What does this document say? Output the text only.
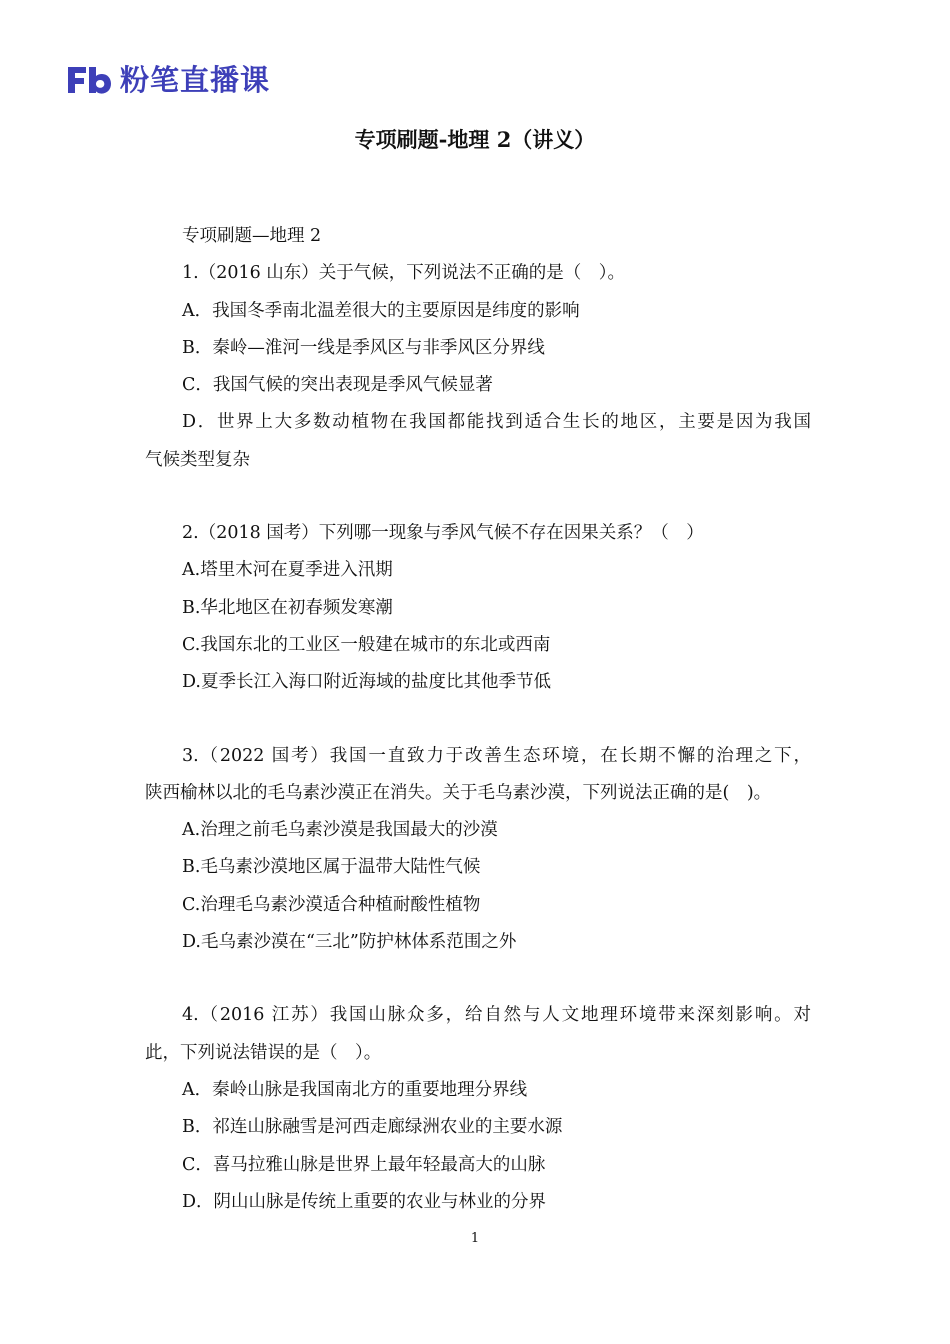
粉笔直播课
专项刷题-地理 2（讲义）
专项刷题—地理 2
1.（2016 山东）关于气候，下列说法不正确的是（　）。
A．我国冬季南北温差很大的主要原因是纬度的影响
B．秦岭—淮河一线是季风区与非季风区分界线
C．我国气候的突出表现是季风气候显著
D．世界上大多数动植物在我国都能找到适合生长的地区，主要是因为我国
气候类型复杂
2.（2018 国考）下列哪一现象与季风气候不存在因果关系？（　）
A.塔里木河在夏季进入汛期
B.华北地区在初春频发寒潮
C.我国东北的工业区一般建在城市的东北或西南
D.夏季长江入海口附近海域的盐度比其他季节低
3.（2022 国考）我国一直致力于改善生态环境，在长期不懈的治理之下，
陕西榆林以北的毛乌素沙漠正在消失。关于毛乌素沙漠，下列说法正确的是(　)。
A.治理之前毛乌素沙漠是我国最大的沙漠
B.毛乌素沙漠地区属于温带大陆性气候
C.治理毛乌素沙漠适合种植耐酸性植物
D.毛乌素沙漠在“三北”防护林体系范围之外
4.（2016 江苏）我国山脉众多，给自然与人文地理环境带来深刻影响。对
此，下列说法错误的是（　）。
A．秦岭山脉是我国南北方的重要地理分界线
B．祁连山脉融雪是河西走廊绿洲农业的主要水源
C．喜马拉雅山脉是世界上最年轻最高大的山脉
D．阴山山脉是传统上重要的农业与林业的分界
1
